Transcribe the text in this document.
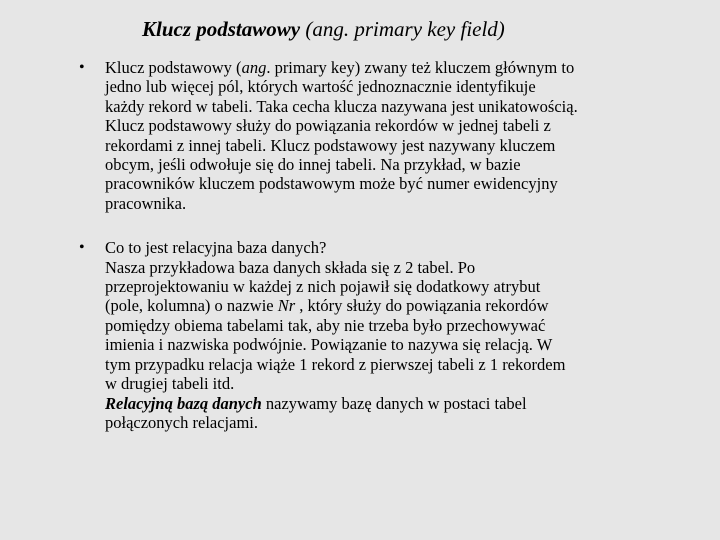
Klucz podstawowy (ang. primary key field)
• Klucz podstawowy (ang. primary key) zwany też kluczem głównym to
jedno lub więcej pól, których wartość jednoznacznie identyfikuje
każdy rekord w tabeli. Taka cecha klucza nazywana jest unikatowością.
Klucz podstawowy służy do powiązania rekordów w jednej tabeli z
rekordami z innej tabeli. Klucz podstawowy jest nazywany kluczem
obcym, jeśli odwołuje się do innej tabeli. Na przykład, w bazie
pracowników kluczem podstawowym może być numer ewidencyjny
pracownika.
• Co to jest relacyjna baza danych?
Nasza przykładowa baza danych składa się z 2 tabel. Po
przeprojektowaniu w każdej z nich pojawił się dodatkowy atrybut
(pole, kolumna) o nazwie Nr , który służy do powiązania rekordów
pomiędzy obiema tabelami tak, aby nie trzeba było przechowywać
imienia i nazwiska podwójnie. Powiązanie to nazywa się relacją. W
tym przypadku relacja wiąże 1 rekord z pierwszej tabeli z 1 rekordem
w drugiej tabeli itd.
Relacyjną bazą danych nazywamy bazę danych w postaci tabel
połączonych relacjami.
